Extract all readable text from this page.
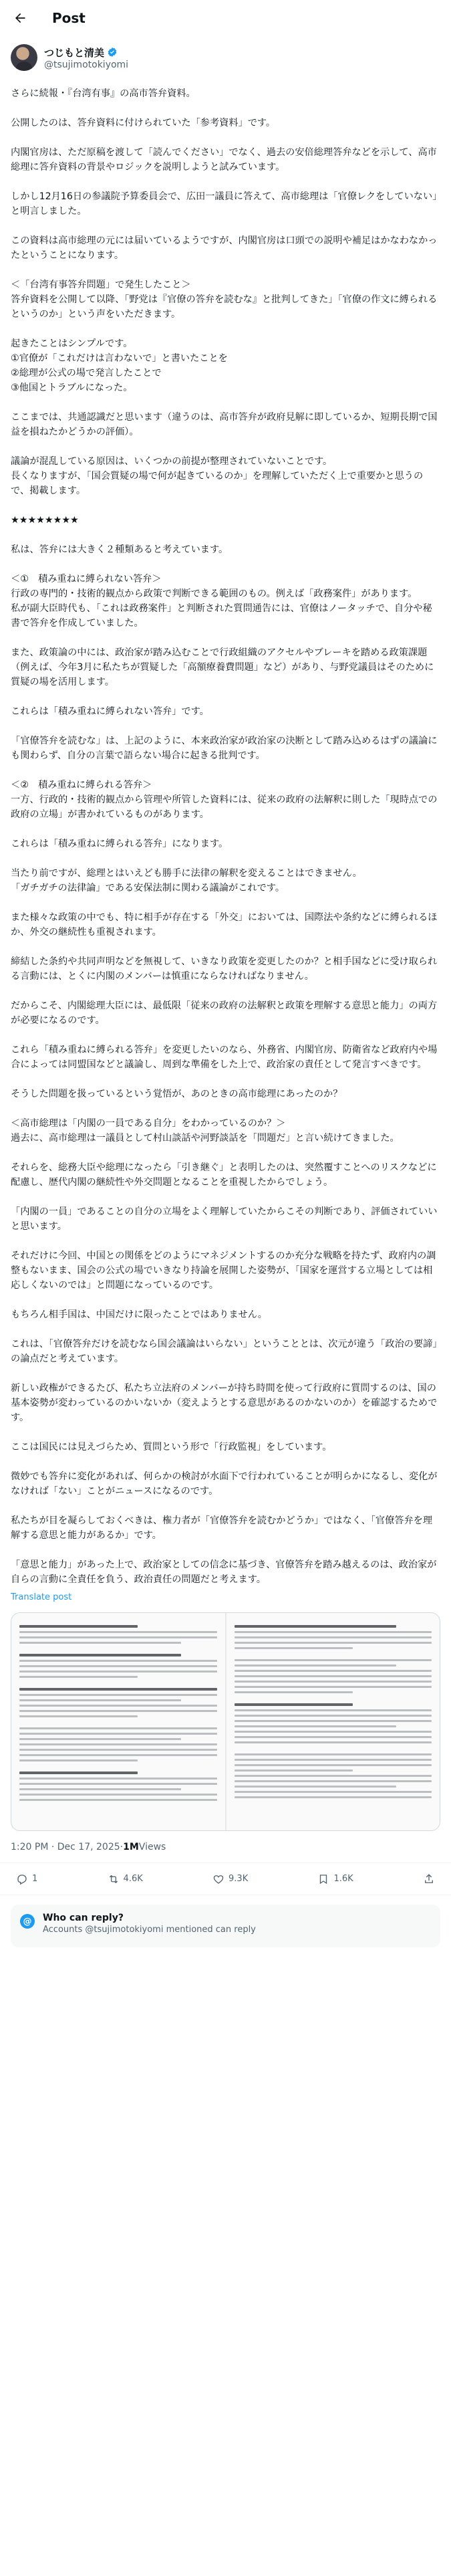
Post
つじもと清美
@tsujimotokiyomi

さらに続報・『台湾有事』の高市答弁資料。

公開したのは、答弁資料に付けられていた「参考資料」です。

内閣官房は、ただ原稿を渡して「読んでください」でなく、過去の安倍総理答弁などを示して、高市総理に答弁資料の背景やロジックを説明しようと試みています。

しかし12月16日の参議院予算委員会で、広田一議員に答えて、高市総理は「官僚レクをしていない」と明言しました。

この資料は高市総理の元には届いているようですが、内閣官房は口頭での説明や補足はかなわなかったということになります。

＜「台湾有事答弁問題」で発生したこと＞
答弁資料を公開して以降、「野党は『官僚の答弁を読むな』と批判してきた」「官僚の作文に縛られるというのか」という声をいただきます。

起きたことはシンプルです。
①官僚が「これだけは言わないで」と書いたことを
②総理が公式の場で発言したことで
③他国とトラブルになった。

ここまでは、共通認識だと思います（違うのは、高市答弁が政府見解に即しているか、短期長期で国益を損ねたかどうかの評価）。

議論が混乱している原因は、いくつかの前提が整理されていないことです。
長くなりますが、「国会質疑の場で何が起きているのか」を理解していただく上で重要かと思うので、掲載します。

★★★★★★★★

私は、答弁には大きく２種類あると考えています。

＜①　積み重ねに縛られない答弁＞
行政の専門的・技術的観点から政策で判断できる範囲のもの。例えば「政務案件」があります。
私が副大臣時代も、「これは政務案件」と判断された質問通告には、官僚はノータッチで、自分や秘書で答弁を作成していました。

また、政策論の中には、政治家が踏み込むことで行政組織のアクセルやブレーキを踏める政策課題（例えば、今年3月に私たちが質疑した「高額療養費問題」など）があり、与野党議員はそのために質疑の場を活用します。

これらは「積み重ねに縛られない答弁」です。

「官僚答弁を読むな」は、上記のように、本来政治家が政治家の決断として踏み込めるはずの議論にも関わらず、自分の言葉で語らない場合に起きる批判です。

＜②　積み重ねに縛られる答弁＞
一方、行政的・技術的観点から管理や所管した資料には、従来の政府の法解釈に則した「現時点での政府の立場」が書かれているものがあります。

これらは「積み重ねに縛られる答弁」になります。

当たり前ですが、総理とはいえども勝手に法律の解釈を変えることはできません。
「ガチガチの法律論」である安保法制に関わる議論がこれです。

また様々な政策の中でも、特に相手が存在する「外交」においては、国際法や条約などに縛られるほか、外交の継続性も重視されます。

締結した条約や共同声明などを無視して、いきなり政策を変更したのか？と相手国などに受け取られる言動には、とくに内閣のメンバーは慎重にならなければなりません。

だからこそ、内閣総理大臣には、最低限「従来の政府の法解釈と政策を理解する意思と能力」の両方が必要になるのです。

これら「積み重ねに縛られる答弁」を変更したいのなら、外務省、内閣官房、防衛省など政府内や場合によっては同盟国などと議論し、周到な準備をした上で、政治家の責任として発言すべきです。

そうした問題を扱っているという覚悟が、あのときの高市総理にあったのか？

＜高市総理は「内閣の一員である自分」をわかっているのか？＞
過去に、高市総理は一議員として村山談話や河野談話を「問題だ」と言い続けてきました。

それらを、総務大臣や総理になったら「引き継ぐ」と表明したのは、突然覆すことへのリスクなどに配慮し、歴代内閣の継続性や外交問題となることを重視したからでしょう。

「内閣の一員」であることの自分の立場をよく理解していたからこその判断であり、評価されていいと思います。

それだけに今回、中国との関係をどのようにマネジメントするのか充分な戦略を持たず、政府内の調整もないまま、国会の公式の場でいきなり持論を展開した姿勢が、「国家を運営する立場としては相応しくないのでは」と問題になっているのです。

もちろん相手国は、中国だけに限ったことではありません。

これは、「官僚答弁だけを読むなら国会議論はいらない」ということとは、次元が違う「政治の要諦」の論点だと考えています。

新しい政権ができるたび、私たち立法府のメンバーが持ち時間を使って行政府に質問するのは、国の基本姿勢が変わっているのかいないか（変えようとする意思があるのかないのか）を確認するためです。

ここは国民には見えづらため、質問という形で「行政監視」をしています。

微妙でも答弁に変化があれば、何らかの検討が水面下で行われていることが明らかになるし、変化がなければ「ない」ことがニュースになるのです。

私たちが目を凝らしておくべきは、権力者が「官僚答弁を読むかどうか」ではなく、「官僚答弁を理解する意思と能力があるか」です。

「意思と能力」があった上で、政治家としての信念に基づき、官僚答弁を踏み越えるのは、政治家が自らの言動に全責任を負う、政治責任の問題だと考えます。

Translate post
1:20 PM · Dec 17, 2025 · 1M Views
1	4.6K	9.3K	1.6K
@	Who can reply?
Accounts @tsujimotokiyomi mentioned can reply
